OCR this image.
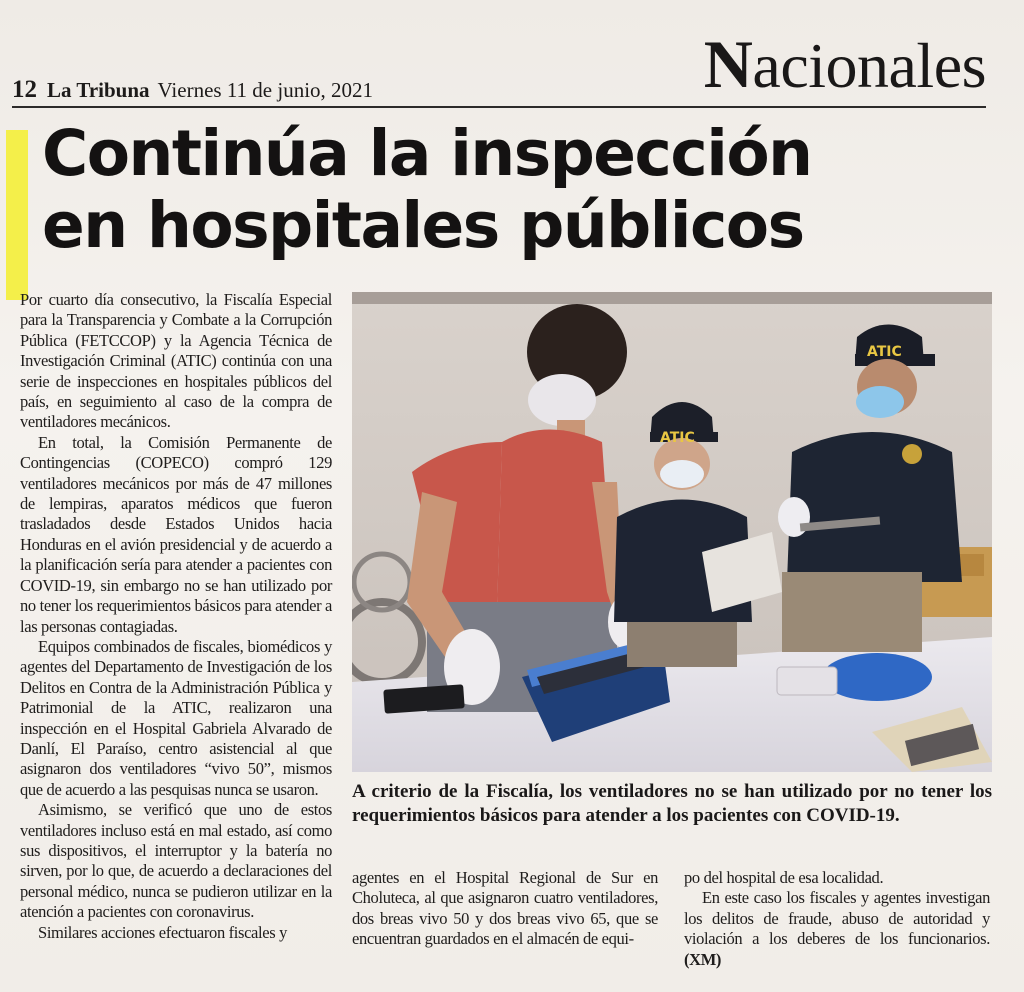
12 La Tribuna Viernes 11 de junio, 2021	Nacionales
Continúa la inspección
en hospitales públicos

Por cuarto día consecutivo, la Fiscalía Especial para la Transparencia y Combate a la Corrupción Pública (FETCCOP) y la Agencia Técnica de Investigación Criminal (ATIC) continúa con una serie de inspecciones en hospitales públicos del país, en seguimiento al caso de la compra de ventiladores mecánicos.

En total, la Comisión Permanente de Contingencias (COPECO) compró 129 ventiladores mecánicos por más de 47 millones de lempiras, aparatos médicos que fueron trasladados desde Estados Unidos hacia Honduras en el avión presidencial y de acuerdo a la planificación sería para atender a pacientes con COVID-19, sin embargo no se han utilizado por no tener los requerimientos básicos para atender a las personas contagiadas.

Equipos combinados de fiscales, biomédicos y agentes del Departamento de Investigación de los Delitos en Contra de la Administración Pública y Patrimonial de la ATIC, realizaron una inspección en el Hospital Gabriela Alvarado de Danlí, El Paraíso, centro asistencial al que asignaron dos ventiladores “vivo 50”, mismos que de acuerdo a las pesquisas nunca se usaron.

Asimismo, se verificó que uno de estos ventiladores incluso está en mal estado, así como sus dispositivos, el interruptor y la batería no sirven, por lo que, de acuerdo a declaraciones del personal médico, nunca se pudieron utilizar en la atención a pacientes con coronavirus.

Similares acciones efectuaron fiscales y

ATIC
ATIC
A criterio de la Fiscalía, los ventiladores no se han utilizado por no tener los requerimientos básicos para atender a los pacientes con COVID-19.

agentes en el Hospital Regional de Sur en Choluteca, al que asignaron cuatro ventiladores, dos breas vivo 50 y dos breas vivo 65, que se encuentran guardados en el almacén de equi-

po del hospital de esa localidad.

En este caso los fiscales y agentes investigan los delitos de fraude, abuso de autoridad y violación a los deberes de los funcionarios. (XM)
